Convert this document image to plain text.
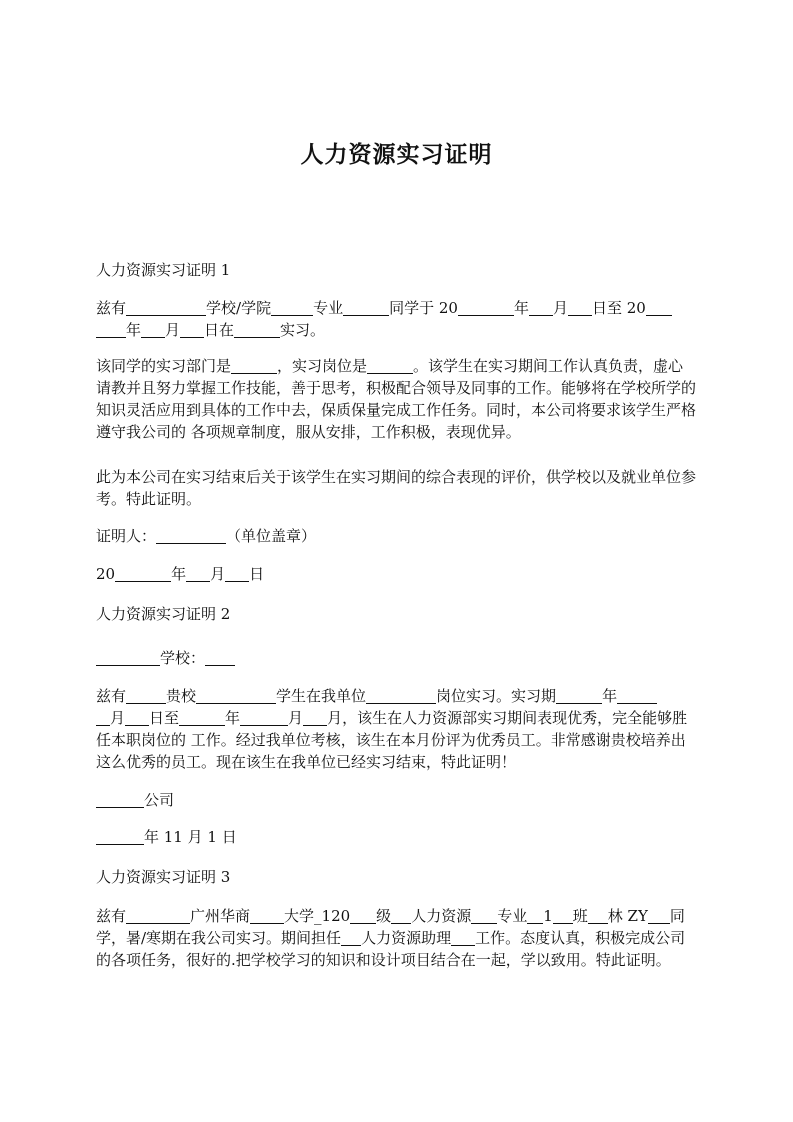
人力资源实习证明

人力资源实习证明 1

兹有	学校/学院	专业	同学于 20	年 月 日至 20
年 月 日在	实习。

该同学的实习部门是	，实习岗位是	。该学生在实习期间工作认真负责，虚心请教并且努力掌握工作技能，善于思考，积极配合领导及同事的工作。能够将在学校所学的知识灵活应用到具体的工作中去，保质保量完成工作任务。同时，本公司将要求该学生严格遵守我公司的 各项规章制度，服从安排，工作积极，表现优异。

此为本公司在实习结束后关于该学生在实习期间的综合表现的评价，供学校以及就业单位参考。特此证明。

证明人：	（单位盖章）

20	年 月 日

人力资源实习证明 2

学校：

兹有	贵校	学生在我单位	岗位实习。实习期	年
月 日至	年	月 月，该生在人力资源部实习期间表现优秀，完全能够胜任本职岗位的 工作。经过我单位考核，该生在本月份评为优秀员工。非常感谢贵校培养出这么优秀的员工。现在该生在我单位已经实习结束，特此证明！

公司

年 11 月 1 日

人力资源实习证明 3

兹有	广州华商 大学_120 级 人力资源 专业 1 班 林 ZY 同学，暑/寒期在我公司实习。期间担任 人力资源助理 工作。态度认真，积极完成公司的各项任务，很好的.把学校学习的知识和设计项目结合在一起，学以致用。特此证明。
